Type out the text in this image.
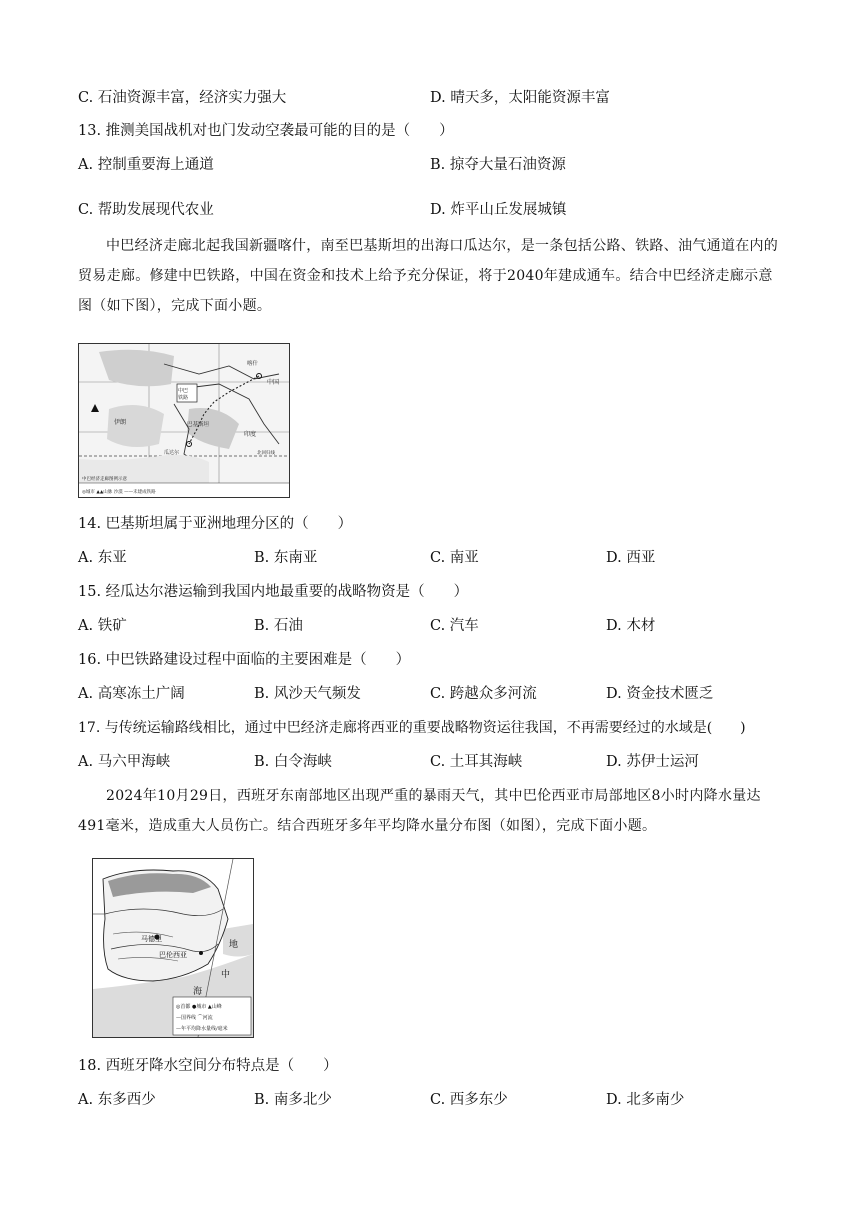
C. 石油资源丰富，经济实力强大	D. 晴天多，太阳能资源丰富
13. 推测美国战机对也门发动空袭最可能的目的是（　　）
A. 控制重要海上通道	B. 掠夺大量石油资源
C. 帮助发展现代农业	D. 炸平山丘发展城镇
中巴经济走廊北起我国新疆喀什，南至巴基斯坦的出海口瓜达尔，是一条包括公路、铁路、油气通道在内的贸易走廊。修建中巴铁路，中国在资金和技术上给予充分保证，将于2040年建成通车。结合中巴经济走廊示意图（如下图），完成下面小题。
喀什
中国
中巴
铁路
伊朗	巴基斯坦
印度
瓜达尔	北回归线
中巴经济走廊图例示意
◎城市 ▲▲山脉 沙漠 ——未建成铁路
14. 巴基斯坦属于亚洲地理分区的（　　）
A. 东亚	B. 东南亚	C. 南亚	D. 西亚
15. 经瓜达尔港运输到我国内地最重要的战略物资是（　　）
A. 铁矿	B. 石油	C. 汽车	D. 木材
16. 中巴铁路建设过程中面临的主要困难是（　　）
A. 高寒冻土广阔	B. 风沙天气频发	C. 跨越众多河流	D. 资金技术匮乏
17. 与传统运输路线相比，通过中巴经济走廊将西亚的重要战略物资运往我国，不再需要经过的水域是(　　)
A. 马六甲海峡	B. 白令海峡	C. 土耳其海峡	D. 苏伊士运河
2024年10月29日，西班牙东南部地区出现严重的暴雨天气，其中巴伦西亚市局部地区8小时内降水量达491毫米，造成重大人员伤亡。结合西班牙多年平均降水量分布图（如图），完成下面小题。
马德里
巴伦西亚
地
中
海
◎首都 ●城市 ▲山峰
—国界线 ⌒河流
—年平均降水量线/毫米
18. 西班牙降水空间分布特点是（　　）
A. 东多西少	B. 南多北少	C. 西多东少	D. 北多南少
